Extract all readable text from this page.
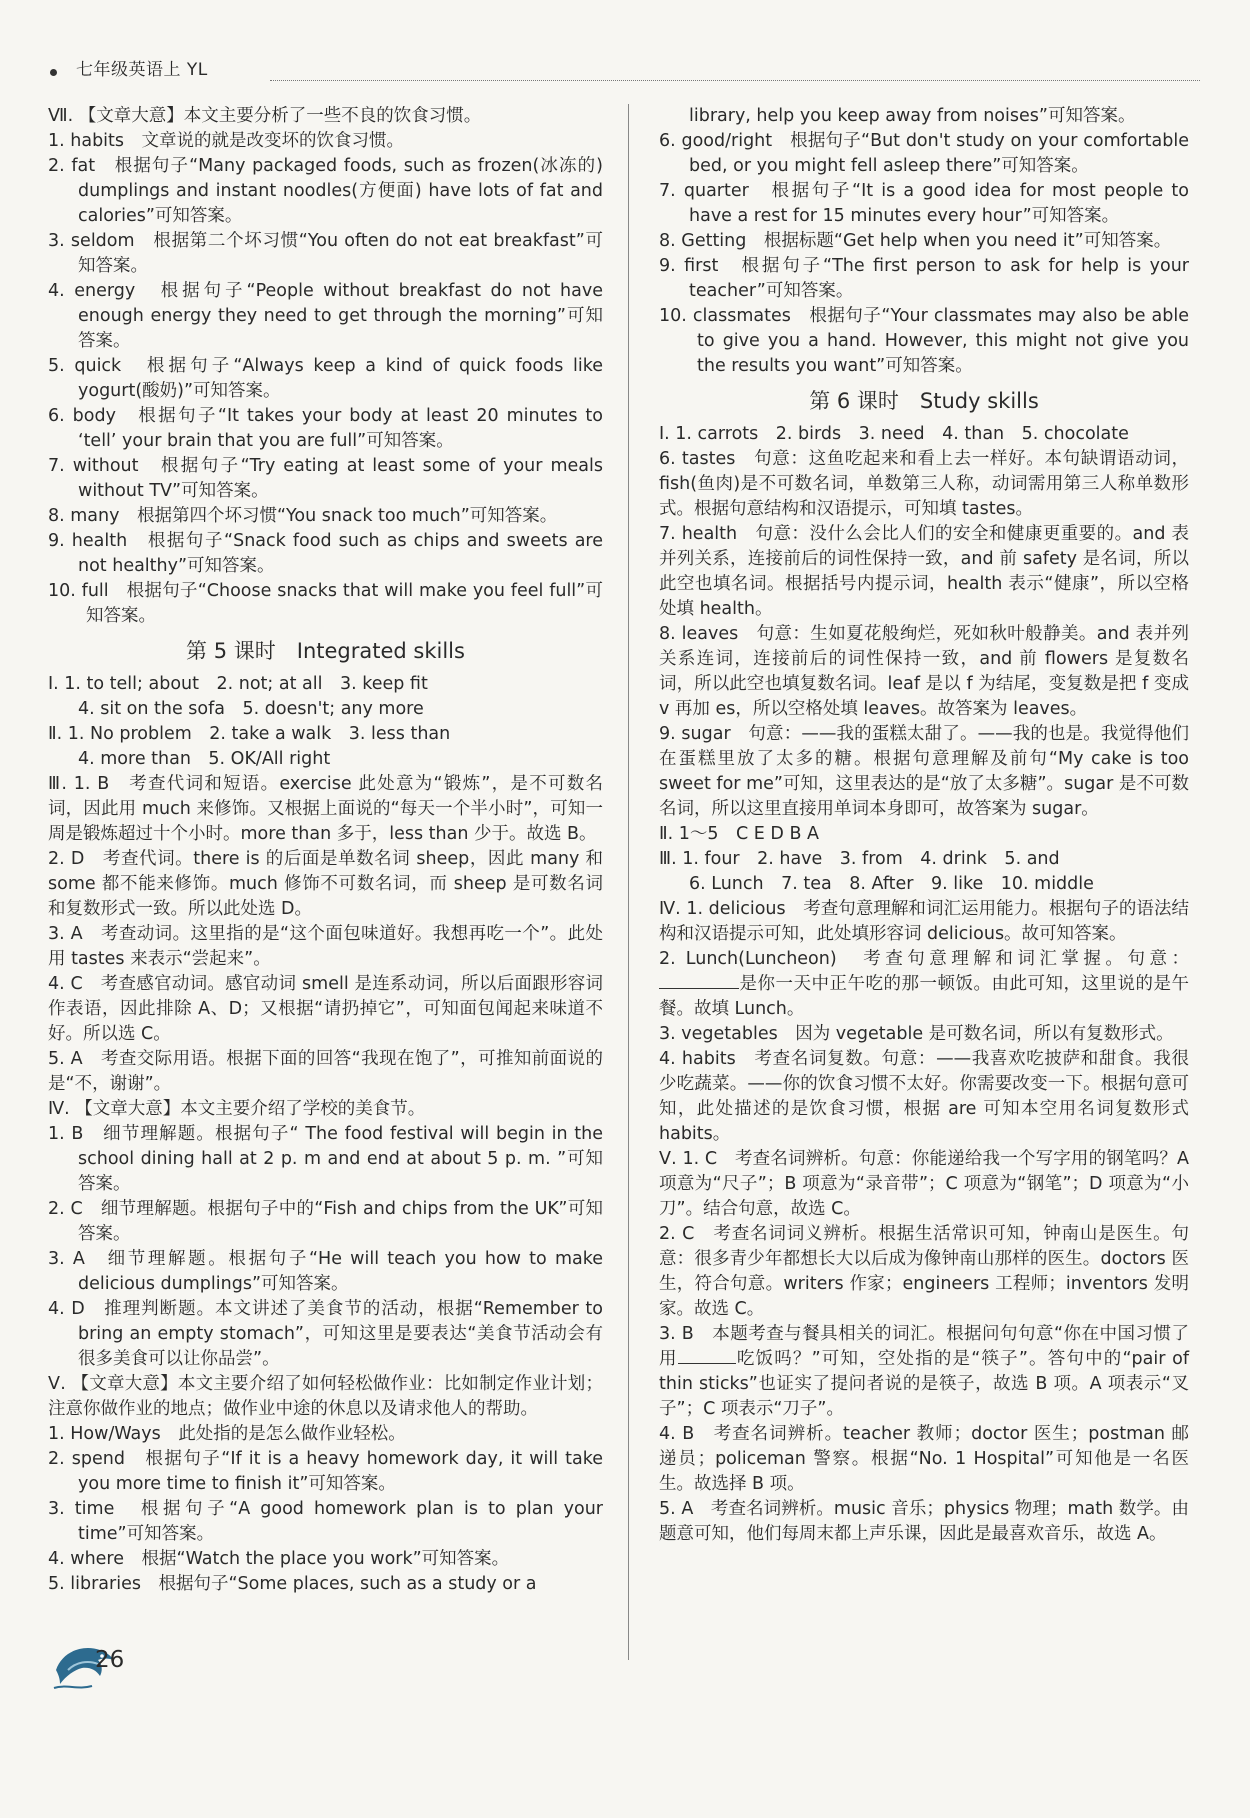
七年级英语上 YL

Ⅶ. 【文章大意】本文主要分析了一些不良的饮食习惯。

1. habits　文章说的就是改变坏的饮食习惯。

2. fat　根据句子“Many packaged foods, such as frozen(冰冻的) dumplings and instant noodles(方便面) have lots of fat and calories”可知答案。

3. seldom　根据第二个坏习惯“You often do not eat breakfast”可知答案。

4. energy　根据句子“People without breakfast do not have enough energy they need to get through the morning”可知答案。

5. quick　根据句子“Always keep a kind of quick foods like yogurt(酸奶)”可知答案。

6. body　根据句子“It takes your body at least 20 minutes to ‘tell’ your brain that you are full”可知答案。

7. without　根据句子“Try eating at least some of your meals without TV”可知答案。

8. many　根据第四个坏习惯“You snack too much”可知答案。

9. health　根据句子“Snack food such as chips and sweets are not healthy”可知答案。

10. full　根据句子“Choose snacks that will make you feel full”可知答案。

第 5 课时　Integrated skills

Ⅰ. 1. to tell; about　2. not; at all　3. keep fit

4. sit on the sofa　5. doesn't; any more

Ⅱ. 1. No problem　2. take a walk　3. less than

4. more than　5. OK/All right

Ⅲ. 1. B　考查代词和短语。exercise 此处意为“锻炼”，是不可数名词，因此用 much 来修饰。又根据上面说的“每天一个半小时”，可知一周是锻炼超过十个小时。more than 多于，less than 少于。故选 B。

2. D　考查代词。there is 的后面是单数名词 sheep，因此 many 和 some 都不能来修饰。much 修饰不可数名词，而 sheep 是可数名词和复数形式一致。所以此处选 D。

3. A　考查动词。这里指的是“这个面包味道好。我想再吃一个”。此处用 tastes 来表示“尝起来”。

4. C　考查感官动词。感官动词 smell 是连系动词，所以后面跟形容词作表语，因此排除 A、D；又根据“请扔掉它”，可知面包闻起来味道不好。所以选 C。

5. A　考查交际用语。根据下面的回答“我现在饱了”，可推知前面说的是“不，谢谢”。

Ⅳ. 【文章大意】本文主要介绍了学校的美食节。

1. B　细节理解题。根据句子“ The food festival will begin in the school dining hall at 2 p. m and end at about 5 p. m. ”可知答案。

2. C　细节理解题。根据句子中的“Fish and chips from the UK”可知答案。

3. A　细节理解题。根据句子“He will teach you how to make delicious dumplings”可知答案。

4. D　推理判断题。本文讲述了美食节的活动，根据“Remember to bring an empty stomach”，可知这里是要表达“美食节活动会有很多美食可以让你品尝”。

Ⅴ. 【文章大意】本文主要介绍了如何轻松做作业：比如制定作业计划；注意你做作业的地点；做作业中途的休息以及请求他人的帮助。

1. How/Ways　此处指的是怎么做作业轻松。

2. spend　根据句子“If it is a heavy homework day, it will take you more time to finish it”可知答案。

3. time　根据句子“A good homework plan is to plan your time”可知答案。

4. where　根据“Watch the place you work”可知答案。

5. libraries　根据句子“Some places, such as a study or a

library, help you keep away from noises”可知答案。

6. good/right　根据句子“But don't study on your comfortable bed, or you might fell asleep there”可知答案。

7. quarter　根据句子“It is a good idea for most people to have a rest for 15 minutes every hour”可知答案。

8. Getting　根据标题“Get help when you need it”可知答案。

9. first　根据句子“The first person to ask for help is your teacher”可知答案。

10. classmates　根据句子“Your classmates may also be able to give you a hand. However, this might not give you the results you want”可知答案。

第 6 课时　Study skills

Ⅰ. 1. carrots　2. birds　3. need　4. than　5. chocolate

6. tastes　句意：这鱼吃起来和看上去一样好。本句缺谓语动词，fish(鱼肉)是不可数名词，单数第三人称，动词需用第三人称单数形式。根据句意结构和汉语提示，可知填 tastes。

7. health　句意：没什么会比人们的安全和健康更重要的。and 表并列关系，连接前后的词性保持一致，and 前 safety 是名词，所以此空也填名词。根据括号内提示词，health 表示“健康”，所以空格处填 health。

8. leaves　句意：生如夏花般绚烂，死如秋叶般静美。and 表并列关系连词，连接前后的词性保持一致，and 前 flowers 是复数名词，所以此空也填复数名词。leaf 是以 f 为结尾，变复数是把 f 变成 v 再加 es，所以空格处填 leaves。故答案为 leaves。

9. sugar　句意：——我的蛋糕太甜了。——我的也是。我觉得他们在蛋糕里放了太多的糖。根据句意理解及前句“My cake is too sweet for me”可知，这里表达的是“放了太多糖”。sugar 是不可数名词，所以这里直接用单词本身即可，故答案为 sugar。

Ⅱ. 1～5　C E D B A

Ⅲ. 1. four　2. have　3. from　4. drink　5. and

6. Lunch　7. tea　8. After　9. like　10. middle

Ⅳ. 1. delicious　考查句意理解和词汇运用能力。根据句子的语法结构和汉语提示可知，此处填形容词 delicious。故可知答案。

2. Lunch(Luncheon)　考查句意理解和词汇掌握。句意：是你一天中正午吃的那一顿饭。由此可知，这里说的是午餐。故填 Lunch。

3. vegetables　因为 vegetable 是可数名词，所以有复数形式。

4. habits　考查名词复数。句意：——我喜欢吃披萨和甜食。我很少吃蔬菜。——你的饮食习惯不太好。你需要改变一下。根据句意可知，此处描述的是饮食习惯，根据 are 可知本空用名词复数形式 habits。

Ⅴ. 1. C　考查名词辨析。句意：你能递给我一个写字用的钢笔吗？A 项意为“尺子”；B 项意为“录音带”；C 项意为“钢笔”；D 项意为“小刀”。结合句意，故选 C。

2. C　考查名词词义辨析。根据生活常识可知，钟南山是医生。句意：很多青少年都想长大以后成为像钟南山那样的医生。doctors 医生，符合句意。writers 作家；engineers 工程师；inventors 发明家。故选 C。

3. B　本题考查与餐具相关的词汇。根据问句句意“你在中国习惯了用	吃饭吗？”可知，空处指的是“筷子”。答句中的“pair of thin sticks”也证实了提问者说的是筷子，故选 B 项。A 项表示“叉子”；C 项表示“刀子”。

4. B　考查名词辨析。teacher 教师；doctor 医生；postman 邮递员；policeman 警察。根据“No. 1 Hospital”可知他是一名医生。故选择 B 项。

5. A　考查名词辨析。music 音乐；physics 物理；math 数学。由题意可知，他们每周末都上声乐课，因此是最喜欢音乐，故选 A。

26
